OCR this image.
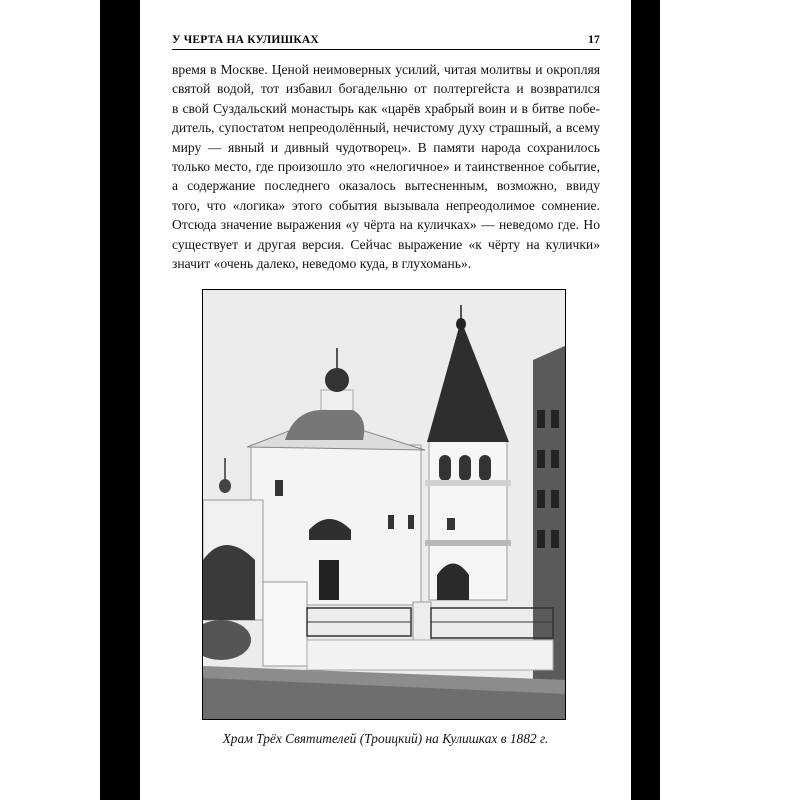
У ЧЕРТА НА КУЛИШКАХ	17
время в Москве. Ценой неимоверных усилий, читая молитвы и окропляя
святой водой, тот избавил богадельню от полтергейста и возвратился
в свой Суздальский монастырь как «царёв храбрый воин и в битве побе-
дитель, супостатом непреодолённый, нечистому духу страшный, а всему
миру — явный и дивный чудотворец». В памяти народа сохранилось
только место, где произошло это «нелогичное» и таинственное событие,
а содержание последнего оказалось вытесненным, возможно, ввиду
того, что «логика» этого события вызывала непреодолимое сомнение.
Отсюда значение выражения «у чёрта на куличках» — неведомо где. Но
существует и другая версия. Сейчас выражение «к чёрту на кулички»
значит «очень далеко, неведомо куда, в глухомань».
Храм Трёх Святителей (Троицкий) на Кулишках в 1882 г.
